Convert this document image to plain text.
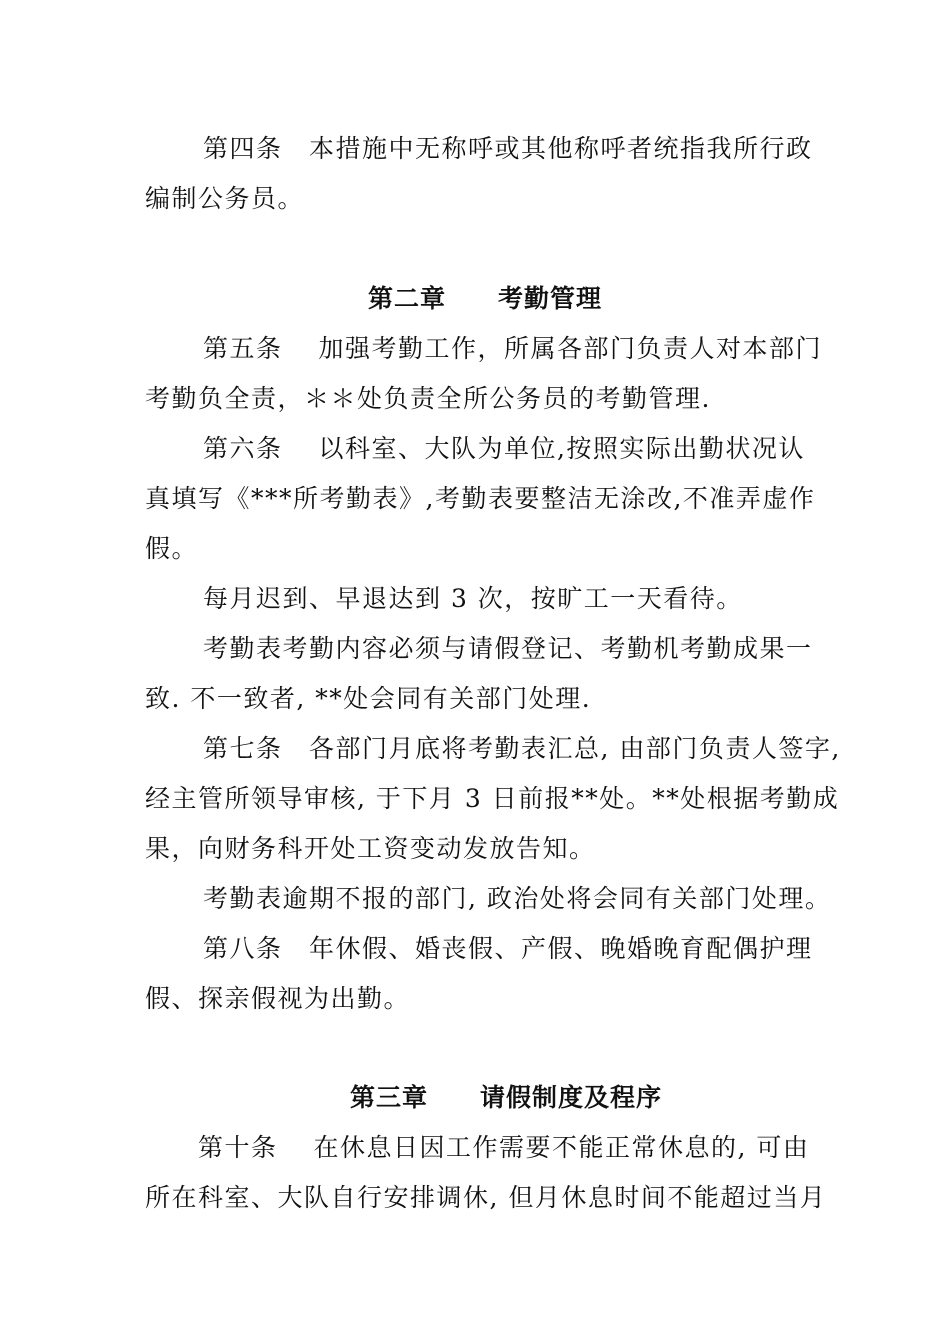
第四条　本措施中无称呼或其他称呼者统指我所行政
编制公务员。
第二章　　考勤管理
第五条　 加强考勤工作，所属各部门负责人对本部门
考勤负全责，＊＊处负责全所公务员的考勤管理.
第六条　 以科室、大队为单位,按照实际出勤状况认
真填写《***所考勤表》,考勤表要整洁无涂改,不准弄虚作
假。
每月迟到、早退达到 3 次，按旷工一天看待。
考勤表考勤内容必须与请假登记、考勤机考勤成果一
致. 不一致者, **处会同有关部门处理.
第七条　各部门月底将考勤表汇总, 由部门负责人签字,
经主管所领导审核, 于下月 3 日前报**处。**处根据考勤成
果，向财务科开处工资变动发放告知。
考勤表逾期不报的部门, 政治处将会同有关部门处理。
第八条　年休假、婚丧假、产假、晚婚晚育配偶护理
假、探亲假视为出勤。
第三章　　请假制度及程序
第十条　 在休息日因工作需要不能正常休息的, 可由
所在科室、大队自行安排调休, 但月休息时间不能超过当月
